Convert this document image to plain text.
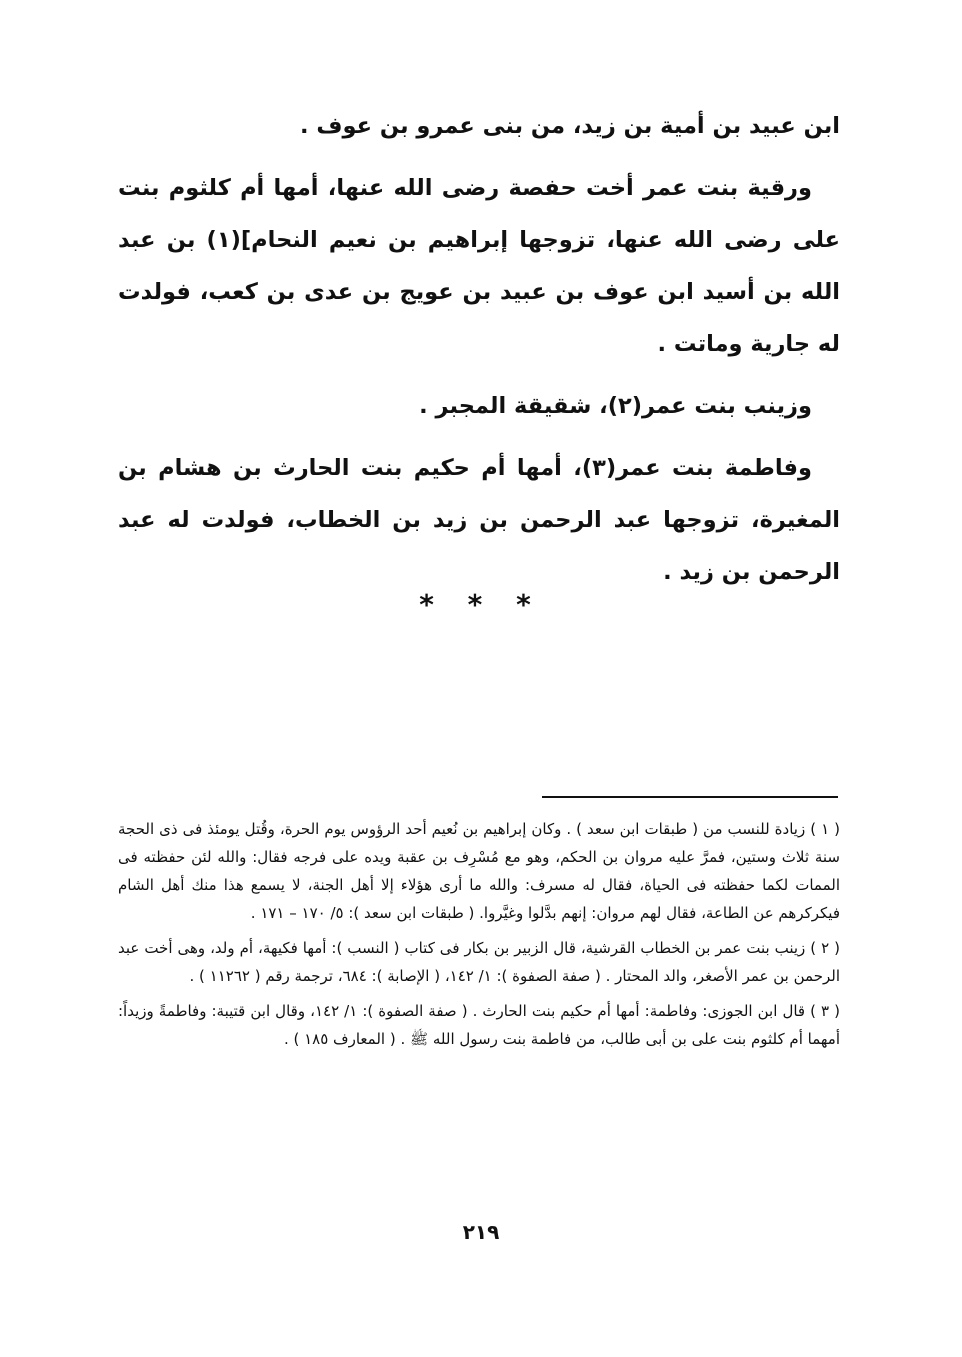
ابن عبيد بن أمية بن زيد، من بنى عمرو بن عوف .

ورقية بنت عمر أخت حفصة رضى الله عنها، أمها أم كلثوم بنت على رضى الله عنها، تزوجها إبراهيم بن نعيم النحام](١) بن عبد الله بن أسيد ابن عوف بن عبيد بن عويج بن عدى بن كعب، فولدت له جارية وماتت .

وزينب بنت عمر(٢)، شقيقة المجبر .

وفاطمة بنت عمر(٣)، أمها أم حكيم بنت الحارث بن هشام بن المغيرة، تزوجها عبد الرحمن بن زيد بن الخطاب، فولدت له عبد الرحمن بن زيد .

* * *

( ١ ) زيادة للنسب من ( طبقات ابن سعد ) . وكان إبراهيم بن نُعيم أحد الرؤوس يوم الحرة، وقُتل يومئذ فى ذى الحجة سنة ثلاث وستين، فمرَّ عليه مروان بن الحكم، وهو مع مُسْرِف بن عقبة ويده على فرجه فقال: والله لئن حفظته فى الممات لكما حفظته فى الحياة، فقال له مسرف: والله ما أرى هؤلاء إلا أهل الجنة، لا يسمع هذا منك أهل الشام فيكركرهم عن الطاعة، فقال لهم مروان: إنهم بدَّلوا وغيَّروا. ( طبقات ابن سعد ): ٥/ ١٧٠ – ١٧١ .

( ٢ ) زينب بنت عمر بن الخطاب القرشية، قال الزبير بن بكار فى كتاب ( النسب ): أمها فكيهة، أم ولد، وهى أخت عبد الرحمن بن عمر الأصغر، والد المحتار . ( صفة الصفوة ): ١/ ١٤٢، ( الإصابة ): ٦٨٤، ترجمة رقم ( ١١٢٦٢ ) .

( ٣ ) قال ابن الجوزى: وفاطمة: أمها أم حكيم بنت الحارث . ( صفة الصفوة ): ١/ ١٤٢، وقال ابن قتيبة: وفاطمةً وزيداً: أمهما أم كلثوم بنت على بن أبى طالب، من فاطمة بنت رسول الله ﷺ . ( المعارف ١٨٥ ) .

٢١٩
